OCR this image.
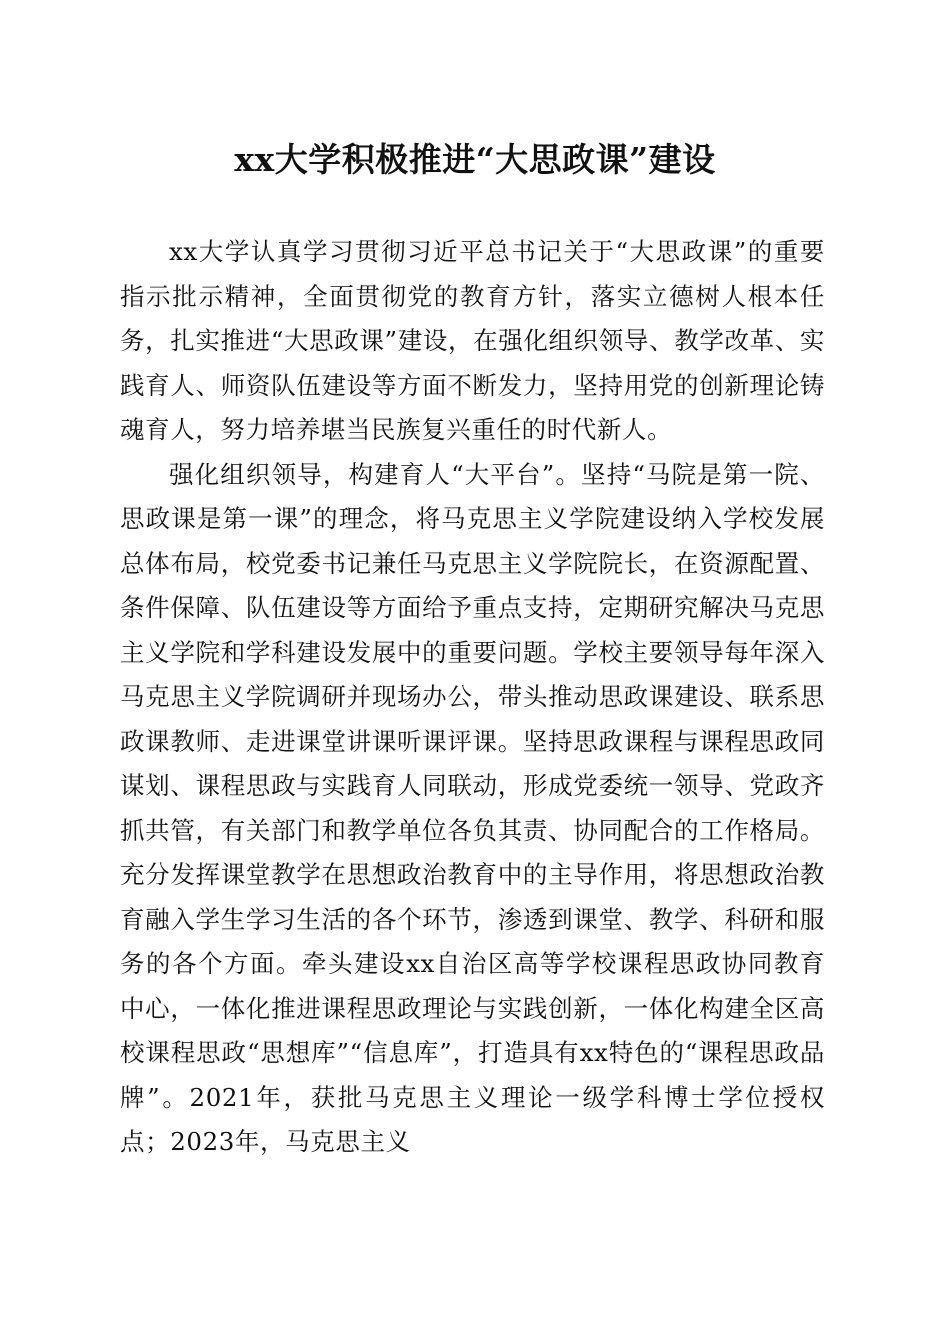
xx大学积极推进“大思政课”建设

xx大学认真学习贯彻习近平总书记关于“大思政课”的重要指示批示精神，全面贯彻党的教育方针，落实立德树人根本任务，扎实推进“大思政课”建设，在强化组织领导、教学改革、实践育人、师资队伍建设等方面不断发力，坚持用党的创新理论铸魂育人，努力培养堪当民族复兴重任的时代新人。

强化组织领导，构建育人“大平台”。坚持“马院是第一院、思政课是第一课”的理念，将马克思主义学院建设纳入学校发展总体布局，校党委书记兼任马克思主义学院院长，在资源配置、条件保障、队伍建设等方面给予重点支持，定期研究解决马克思主义学院和学科建设发展中的重要问题。学校主要领导每年深入马克思主义学院调研并现场办公，带头推动思政课建设、联系思政课教师、走进课堂讲课听课评课。坚持思政课程与课程思政同谋划、课程思政与实践育人同联动，形成党委统一领导、党政齐抓共管，有关部门和教学单位各负其责、协同配合的工作格局。充分发挥课堂教学在思想政治教育中的主导作用，将思想政治教育融入学生学习生活的各个环节，渗透到课堂、教学、科研和服务的各个方面。牵头建设xx自治区高等学校课程思政协同教育中心，一体化推进课程思政理论与实践创新，一体化构建全区高校课程思政“思想库”“信息库”，打造具有xx特色的“课程思政品牌”。2021年，获批马克思主义理论一级学科博士学位授权点；2023年，马克思主义
